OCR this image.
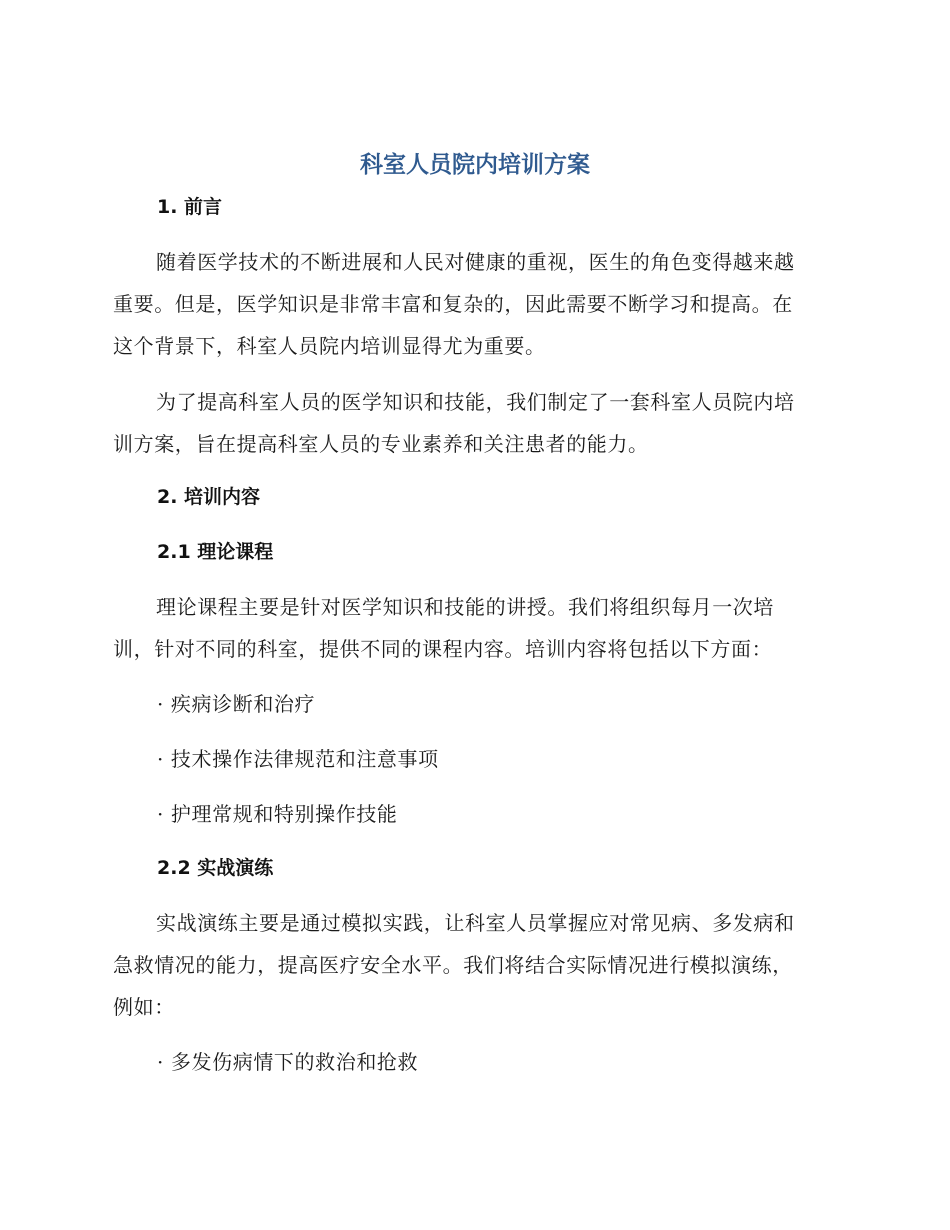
科室人员院内培训方案
1. 前言
随着医学技术的不断进展和人民对健康的重视，医生的角色变得越来越
重要。但是，医学知识是非常丰富和复杂的，因此需要不断学习和提高。在
这个背景下，科室人员院内培训显得尤为重要。
为了提高科室人员的医学知识和技能，我们制定了一套科室人员院内培
训方案，旨在提高科室人员的专业素养和关注患者的能力。
2. 培训内容
2.1 理论课程
理论课程主要是针对医学知识和技能的讲授。我们将组织每月一次培
训，针对不同的科室，提供不同的课程内容。培训内容将包括以下方面：
· 疾病诊断和治疗
· 技术操作法律规范和注意事项
· 护理常规和特别操作技能
2.2 实战演练
实战演练主要是通过模拟实践，让科室人员掌握应对常见病、多发病和
急救情况的能力，提高医疗安全水平。我们将结合实际情况进行模拟演练，
例如：
· 多发伤病情下的救治和抢救
